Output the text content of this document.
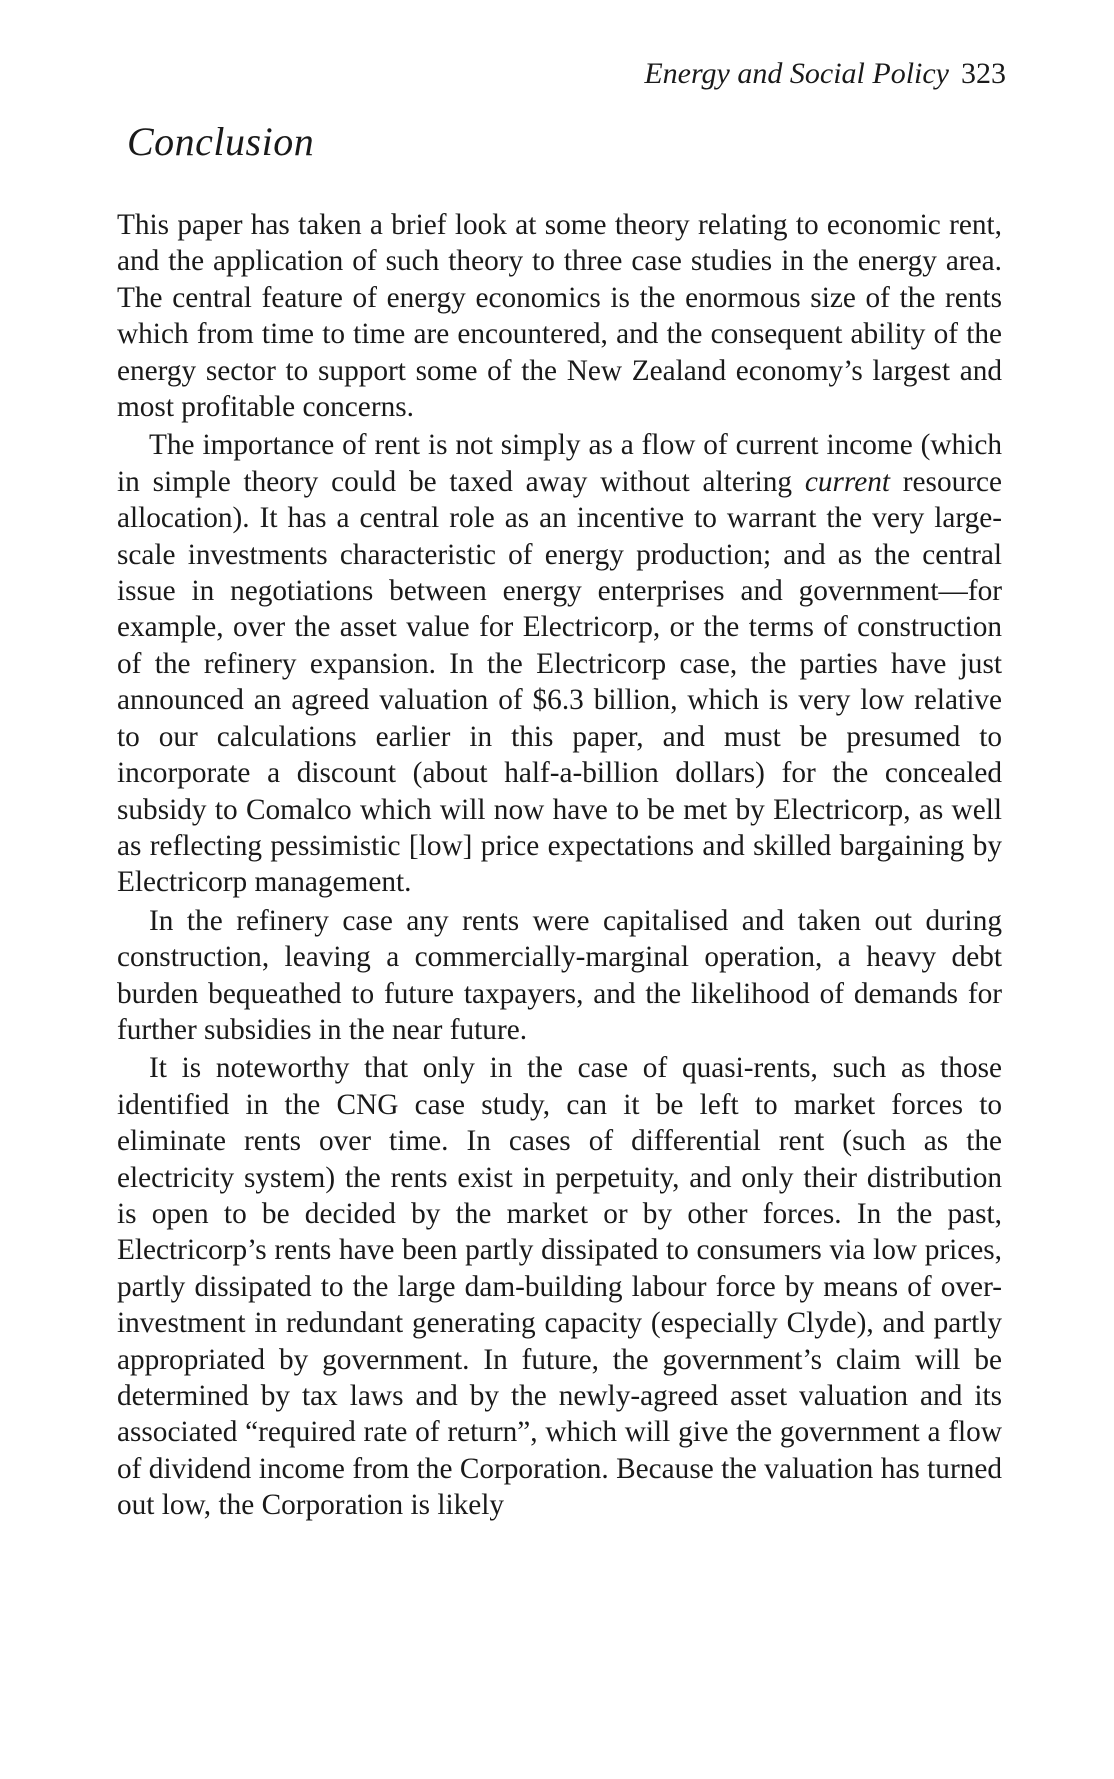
Energy and Social Policy 323
Conclusion

This paper has taken a brief look at some theory relating to economic rent, and the application of such theory to three case studies in the energy area. The central feature of energy economics is the enormous size of the rents which from time to time are encountered, and the consequent ability of the energy sector to support some of the New Zealand economy’s largest and most profitable concerns.

The importance of rent is not simply as a flow of current income (which in simple theory could be taxed away without altering current resource allocation). It has a central role as an incentive to warrant the very large-scale investments characteristic of energy production; and as the central issue in negotiations between energy enterprises and government—for example, over the asset value for Electricorp, or the terms of construction of the refinery expansion. In the Electricorp case, the parties have just announced an agreed valuation of $6.3 billion, which is very low relative to our calculations earlier in this paper, and must be presumed to incorporate a discount (about half-a-billion dollars) for the concealed subsidy to Comalco which will now have to be met by Electricorp, as well as reflecting pessimistic [low] price expectations and skilled bargaining by Electricorp management.

In the refinery case any rents were capitalised and taken out during construction, leaving a commercially-marginal operation, a heavy debt burden bequeathed to future taxpayers, and the likelihood of demands for further subsidies in the near future.

It is noteworthy that only in the case of quasi-rents, such as those identified in the CNG case study, can it be left to market forces to eliminate rents over time. In cases of differential rent (such as the electricity system) the rents exist in perpetuity, and only their distribution is open to be decided by the market or by other forces. In the past, Electricorp’s rents have been partly dissipated to consumers via low prices, partly dissipated to the large dam-building labour force by means of over-investment in redundant generating capacity (especially Clyde), and partly appropriated by government. In future, the government’s claim will be determined by tax laws and by the newly-agreed asset valuation and its associated “required rate of return”, which will give the government a flow of dividend income from the Corporation. Because the valuation has turned out low, the Corporation is likely
